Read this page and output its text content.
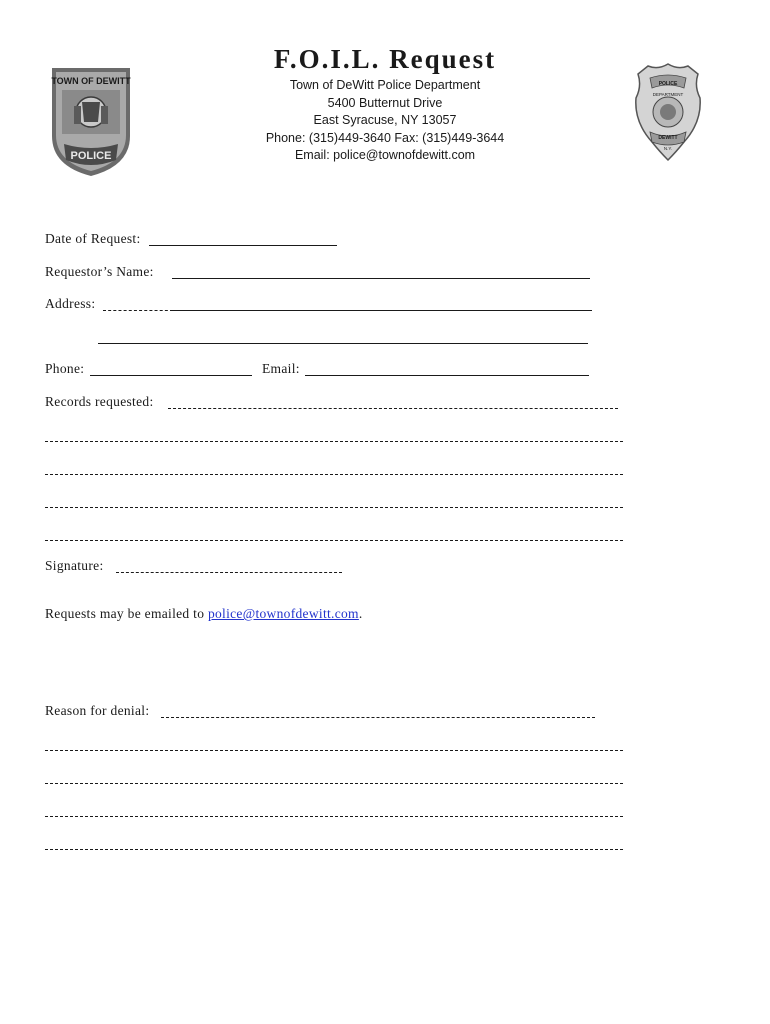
TOWN OF DEWITT
POLICE
POLICE
DEPARTMENT
DEWITT
N.Y.
F.O.I.L. Request
Town of DeWitt Police Department
5400 Butternut Drive
East Syracuse, NY 13057
Phone: (315)449-3640 Fax: (315)449-3644
Email: police@townofdewitt.com
Date of Request:
Requestor’s Name:
Address:
Phone:	Email:
Records requested:
Signature:
Requests may be emailed to police@townofdewitt.com.
Reason for denial:
